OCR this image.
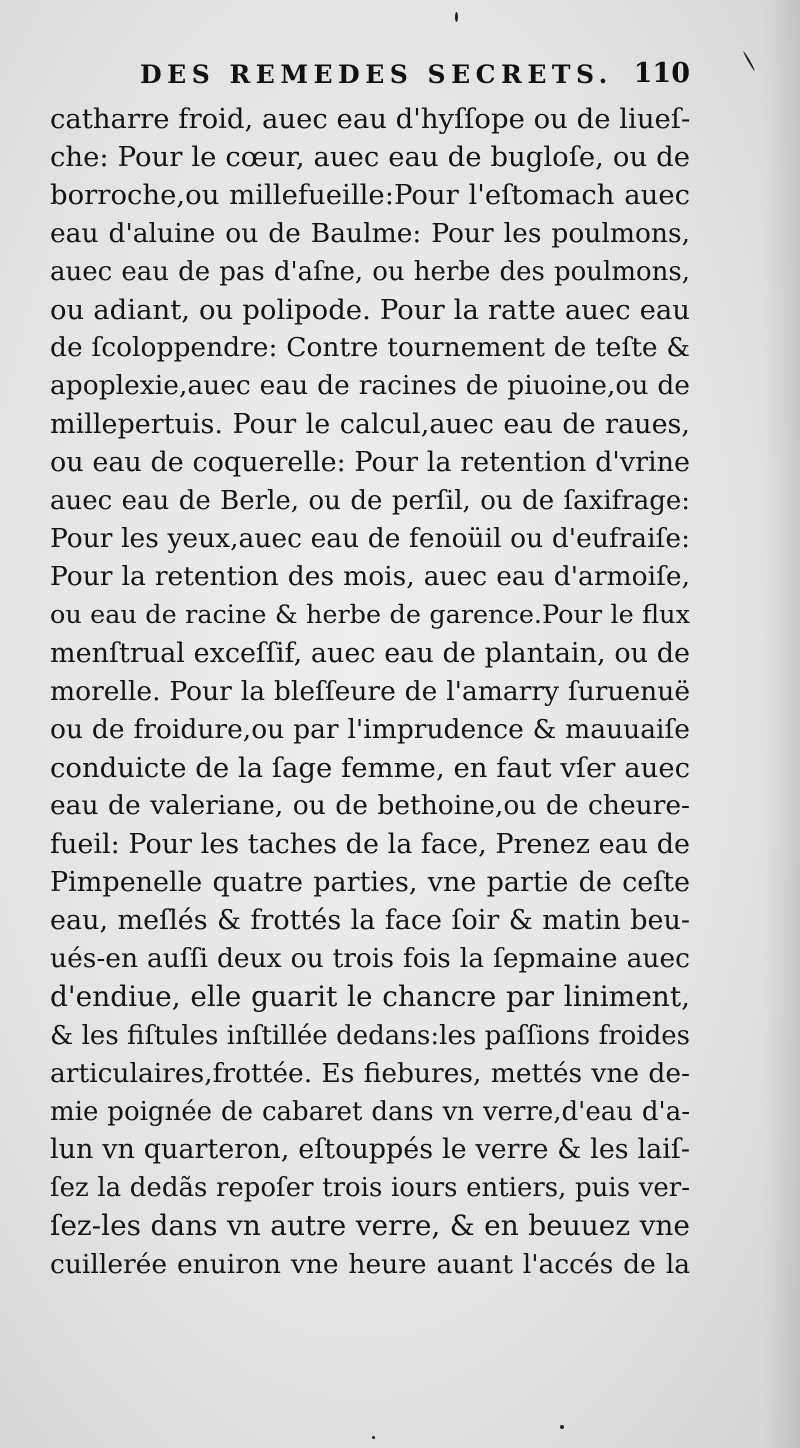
DES REMEDES SECRETS. 110
catharre froid, auec eau d'hyſſope ou de liueſ-
che: Pour le cœur, auec eau de bugloſe, ou de
borroche,ou millefueille:Pour l'eſtomach auec
eau d'aluine ou de Baulme: Pour les poulmons,
auec eau de pas d'aſne, ou herbe des poulmons,
ou adiant, ou polipode. Pour la ratte auec eau
de ſcoloppendre: Contre tournement de teſte &
apoplexie,auec eau de racines de piuoine,ou de
millepertuis. Pour le calcul,auec eau de raues,
ou eau de coquerelle: Pour la retention d'vrine
auec eau de Berle, ou de perſil, ou de ſaxifrage:
Pour les yeux,auec eau de fenoüil ou d'eufraiſe:
Pour la retention des mois, auec eau d'armoiſe,
ou eau de racine & herbe de garence.Pour le flux
menſtrual exceſſif, auec eau de plantain, ou de
morelle. Pour la bleſſeure de l'amarry ſuruenuë
ou de froidure,ou par l'imprudence & mauuaiſe
conduicte de la ſage femme, en faut vſer auec
eau de valeriane, ou de bethoine,ou de cheure-
fueil: Pour les taches de la face, Prenez eau de
Pimpenelle quatre parties, vne partie de ceſte
eau, meſlés & frottés la face ſoir & matin beu-
ués-en auſſi deux ou trois fois la ſepmaine auec
d'endiue, elle guarit le chancre par liniment,
& les fiſtules inſtillée dedans:les paſſions froides
articulaires,frottée. Es fiebures, mettés vne de-
mie poignée de cabaret dans vn verre,d'eau d'a-
lun vn quarteron, eſtouppés le verre & les laiſ-
ſez la dedãs repoſer trois iours entiers, puis ver-
ſez-les dans vn autre verre, & en beuuez vne
cuillerée enuiron vne heure auant l'accés de la
